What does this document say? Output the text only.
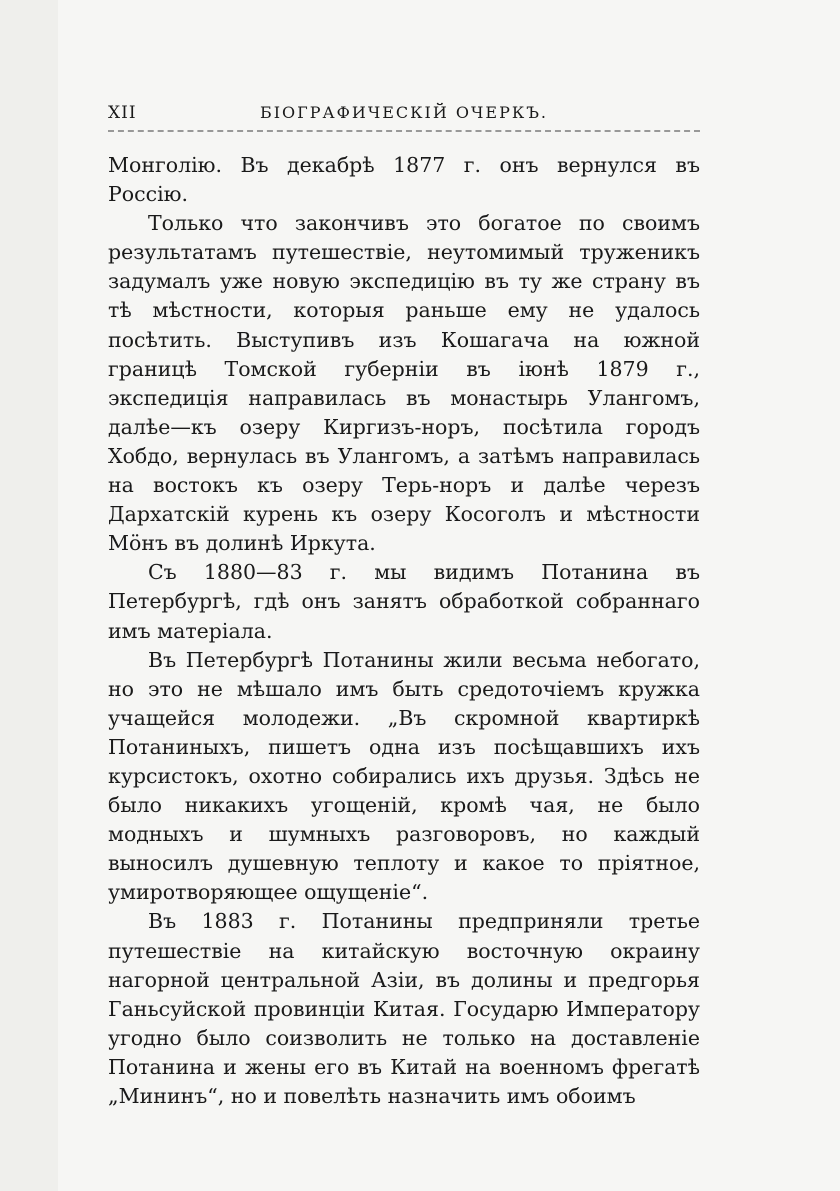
XII	БІОГРАФИЧЕСКІЙ ОЧЕРКЪ.

Монголію. Въ декабрѣ 1877 г. онъ вернулся въ Россію.

Только что закончивъ это богатое по своимъ результатамъ путешествіе, неутомимый труженикъ задумалъ уже новую экспедицію въ ту же страну въ тѣ мѣстности, которыя раньше ему не удалось посѣтить. Выступивъ изъ Кошагача на южной границѣ Томской губерніи въ іюнѣ 1879 г., экспедиція направилась въ монастырь Улангомъ, далѣе—къ озеру Киргизъ-норъ, посѣтила городъ Хобдо, вернулась въ Улангомъ, а затѣмъ направилась на востокъ къ озеру Терь-норъ и далѣе черезъ Дархатскій курень къ озеру Косоголъ и мѣстности Мӧнъ въ долинѣ Иркута.

Съ 1880—83 г. мы видимъ Потанина въ Петербургѣ, гдѣ онъ занятъ обработкой собраннаго имъ матеріала.

Въ Петербургѣ Потанины жили весьма небогато, но это не мѣшало имъ быть средоточіемъ кружка учащейся молодежи. „Въ скромной квартиркѣ Потаниныхъ, пишетъ одна изъ посѣщавшихъ ихъ курсистокъ, охотно собирались ихъ друзья. Здѣсь не было никакихъ угощеній, кромѣ чая, не было модныхъ и шумныхъ разговоровъ, но каждый выносилъ душевную теплоту и какое то пріятное, умиротворяющее ощущеніе“.

Въ 1883 г. Потанины предприняли третье путешествіе на китайскую восточную окраину нагорной центральной Азіи, въ долины и предгорья Ганьсуйской провинціи Китая. Государю Императору угодно было соизволить не только на доставленіе Потанина и жены его въ Китай на военномъ фрегатѣ „Мининъ“, но и повелѣть назначить имъ обоимъ
